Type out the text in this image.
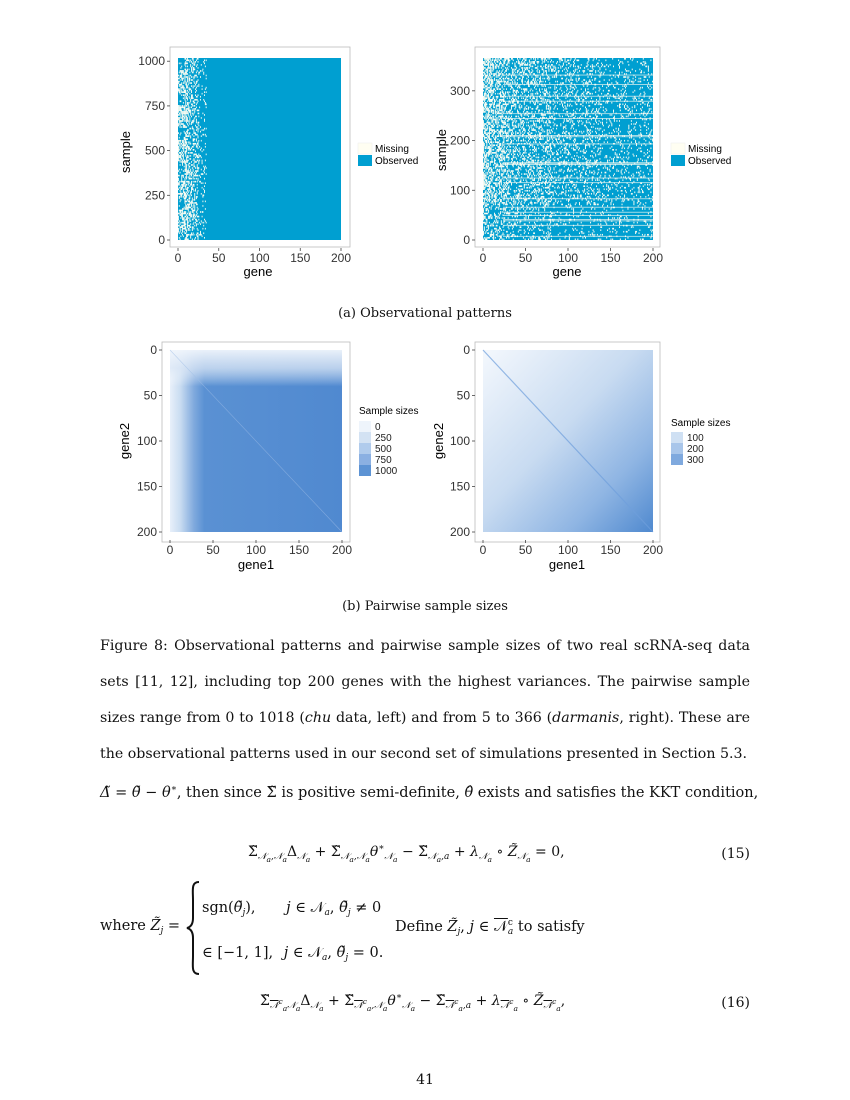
0	50 100 150 200
0
250
500
750
1000
gene
sample	Missing
Observed
0	50 100 150 200
0
100
200
300
gene
sample	Missing
Observed
(a) Observational patterns
0	50 100 150 200
0
50
100
150
200
gene1
gene2
Sample sizes
0
250
500
750
1000
0	50 100 150 200
0
50
100
150
200
gene1
gene2	Sample sizes
100
200
300
(b) Pairwise sample sizes
Figure 8: Observational patterns and pairwise sample sizes of two real scRNA-seq data sets [11, 12], including top 200 genes with the highest variances. The pairwise sample sizes range from 0 to 1018 (chu data, left) and from 5 to 366 (darmanis, right). These are the observational patterns used in our second set of simulations presented in Section 5.3.
Δ̃ = θ̃ − θ∗, then since Σ̃ is positive semi-definite, θ̂ exists and satisfies the KKT condition,
$\Sigmã_{𝒩_a,𝒩_a}\Delta_{𝒩_a}$ + $\Sigmã_{𝒩_a,𝒩_a}\theta^∗_{𝒩_a}$ − $\Sigmã_{𝒩_a,a} + \lambda_{𝒩_a}$ ∘ $Z̃_{𝒩_a} = 0$,	(15)
where $Z̃_j$ =
$sgn(\thetã_j)$, j ∈ 𝒩$_a$, $\thetã_j \ne 0$
∈ [−1, 1], j ∈ 𝒩$_a$, $\thetã_j = 0$.
Define $Z̃_j$, j ∈ 𝒩$^c_a$ to satisfy
$\Sigmã_{𝒩^c_a𝒩_a}\Delta_{𝒩_a}$ + $\Sigmã_{𝒩^c_a,𝒩_a}\theta^∗_{𝒩_a}$ − $\Sigmã_{𝒩^c_a,a} + \lambda_{𝒩^c_a}$ ∘ $Z̃_{𝒩^c_a}$,	(16)
41
